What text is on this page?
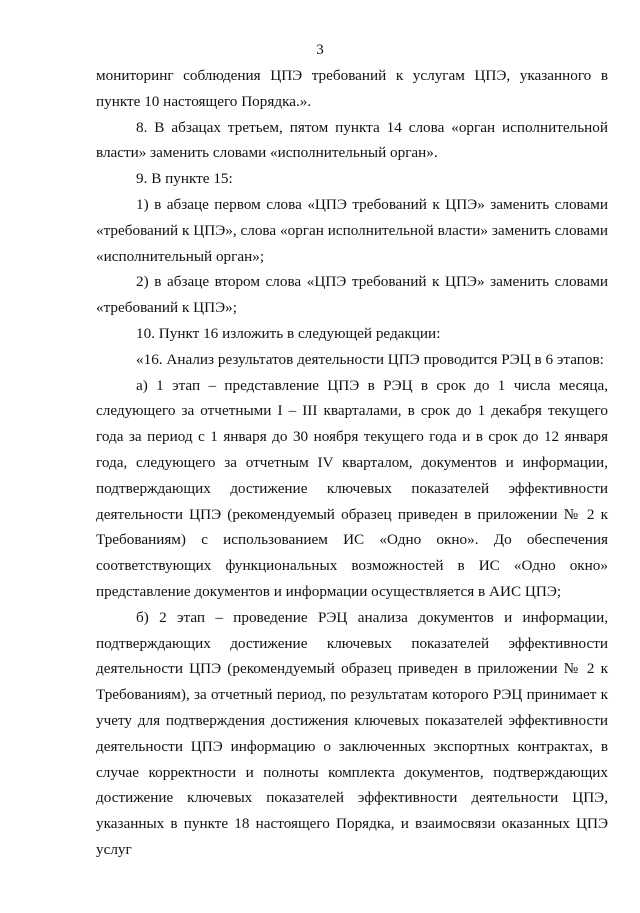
3

мониторинг соблюдения ЦПЭ требований к услугам ЦПЭ, указанного в пункте 10 настоящего Порядка.».

8. В абзацах третьем, пятом пункта 14 слова «орган исполнительной власти» заменить словами «исполнительный орган».

9. В пункте 15:

1) в абзаце первом слова «ЦПЭ требований к ЦПЭ» заменить словами «требований к ЦПЭ», слова «орган исполнительной власти» заменить словами «исполнительный орган»;

2) в абзаце втором слова «ЦПЭ требований к ЦПЭ» заменить словами «требований к ЦПЭ»;

10. Пункт 16 изложить в следующей редакции:

«16. Анализ результатов деятельности ЦПЭ проводится РЭЦ в 6 этапов:

а) 1 этап – представление ЦПЭ в РЭЦ в срок до 1 числа месяца, следующего за отчетными I – III кварталами, в срок до 1 декабря текущего года за период с 1 января до 30 ноября текущего года и в срок до 12 января года, следующего за отчетным IV кварталом, документов и информации, подтверждающих достижение ключевых показателей эффективности деятельности ЦПЭ (рекомендуемый образец приведен в приложении № 2 к Требованиям) с использованием ИС «Одно окно». До обеспечения соответствующих функциональных возможностей в ИС «Одно окно» представление документов и информации осуществляется в АИС ЦПЭ;

б) 2 этап – проведение РЭЦ анализа документов и информации, подтверждающих достижение ключевых показателей эффективности деятельности ЦПЭ (рекомендуемый образец приведен в приложении № 2 к Требованиям), за отчетный период, по результатам которого РЭЦ принимает к учету для подтверждения достижения ключевых показателей эффективности деятельности ЦПЭ информацию о заключенных экспортных контрактах, в случае корректности и полноты комплекта документов, подтверждающих достижение ключевых показателей эффективности деятельности ЦПЭ, указанных в пункте 18 настоящего Порядка, и взаимосвязи оказанных ЦПЭ услуг
